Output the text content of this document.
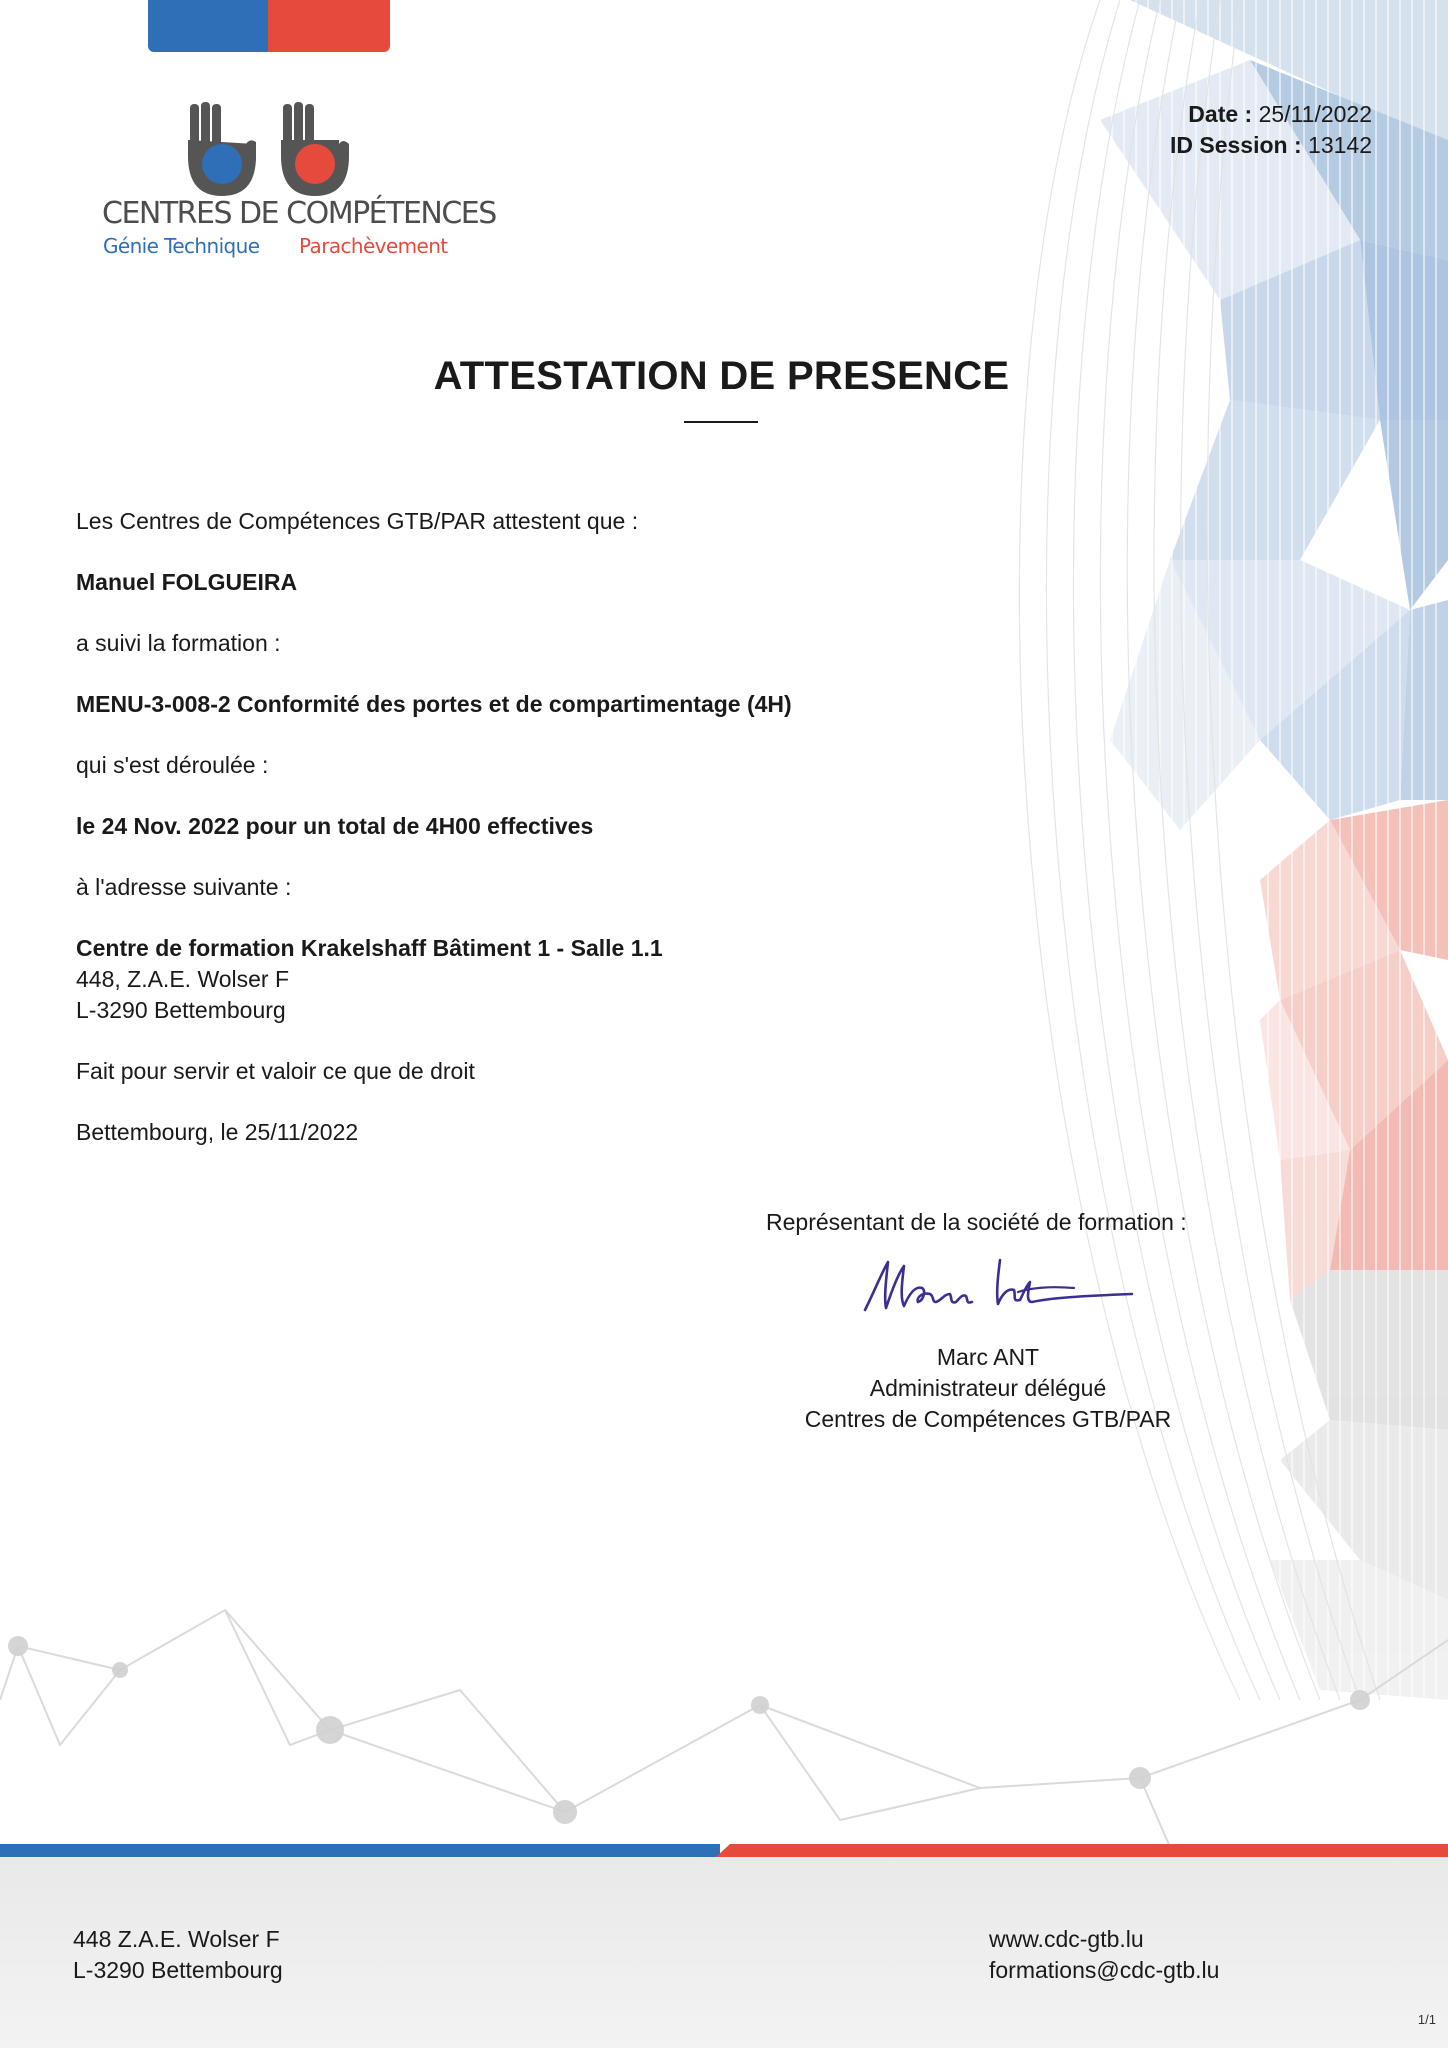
CENTRES DE COMPÉTENCES
Génie Technique Parachèvement
Date : 25/11/2022
ID Session : 13142
ATTESTATION DE PRESENCE
Les Centres de Compétences GTB/PAR attestent que :
Manuel FOLGUEIRA
a suivi la formation :
MENU-3-008-2 Conformité des portes et de compartimentage (4H)
qui s'est déroulée :
le 24 Nov. 2022 pour un total de 4H00 effectives
à l'adresse suivante :
Centre de formation Krakelshaff Bâtiment 1 - Salle 1.1
448, Z.A.E. Wolser F
L-3290 Bettembourg
Fait pour servir et valoir ce que de droit
Bettembourg, le 25/11/2022
Représentant de la société de formation :
Marc ANT
Administrateur délégué
Centres de Compétences GTB/PAR
448 Z.A.E. Wolser F
L-3290 Bettembourg
www.cdc-gtb.lu
formations@cdc-gtb.lu
1/1
